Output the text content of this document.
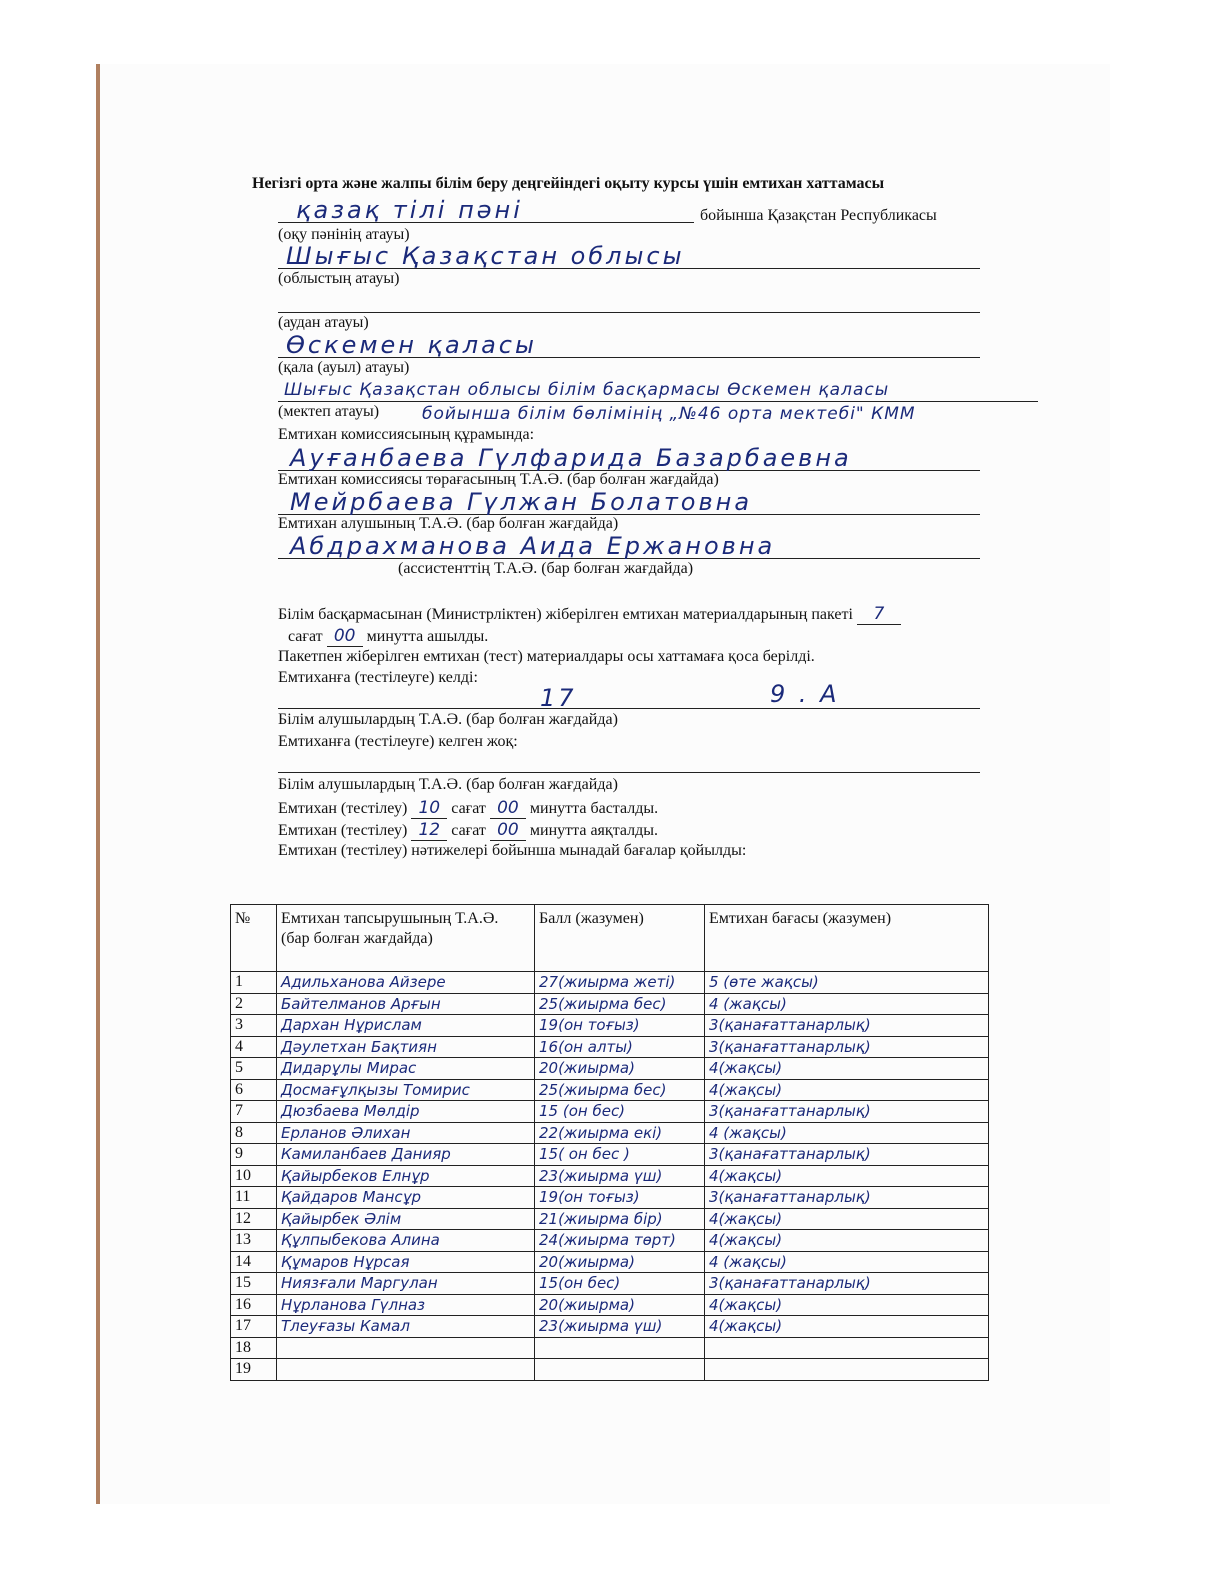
Негізгі орта және жалпы білім беру деңгейіндегі оқыту курсы үшін емтихан хаттамасы
қазақ тілі пәні	бойынша Қазақстан Республикасы
(оқу пәнінің атауы)
Шығыс Қазақстан облысы
(облыстың атауы)
(аудан атауы)
Өскемен қаласы
(қала (ауыл) атауы)
Шығыс Қазақстан облысы білім басқармасы Өскемен қаласы
(мектеп атауы)	бойынша білім бөлімінің „№46 орта мектебі" КММ
Емтихан комиссиясының құрамында:
Ауғанбаева Гүлфарида Базарбаевна
Емтихан комиссиясы төрағасының Т.А.Ә. (бар болған жағдайда)
Мейрбаева Гүлжан Болатовна
Емтихан алушының Т.А.Ә. (бар болған жағдайда)
Абдрахманова Аида Ержановна
(ассистенттің Т.А.Ә. (бар болған жағдайда)
Білім басқармасынан (Министрліктен) жіберілген емтихан материалдарының пакеті 7
сағат 00 минутта ашылды.
Пакетпен жіберілген емтихан (тест) материалдары осы хаттамаға қоса берілді.
Емтиханға (тестілеуге) келді:
17	9 . А
Білім алушылардың Т.А.Ә. (бар болған жағдайда)
Емтиханға (тестілеуге) келген жоқ:
Білім алушылардың Т.А.Ә. (бар болған жағдайда)
Емтихан (тестілеу) 10 сағат 00 минутта басталды.
Емтихан (тестілеу) 12 сағат 00 минутта аяқталды.
Емтихан (тестілеу) нәтижелері бойынша мынадай бағалар қойылды:
№	Емтихан тапсырушының Т.А.Ә. (бар болған жағдайда)	Балл (жазумен)	Емтихан бағасы (жазумен)
1	Адильханова Айзере	27(жиырма жеті)	5 (өте жақсы)
2	Байтелманов Арғын	25(жиырма бес)	4 (жақсы)
3	Дархан Нұрислам	19(он тоғыз)	3(қанағаттанарлық)
4	Дәулетхан Бақтиян	16(он алты)	3(қанағаттанарлық)
5	Дидарұлы Мирас	20(жиырма)	4(жақсы)
6	Досмағұлқызы Томирис	25(жиырма бес)	4(жақсы)
7	Дюзбаева Мөлдір	15 (он бес)	3(қанағаттанарлық)
8	Ерланов Әлихан	22(жиырма екі)	4 (жақсы)
9	Камиланбаев Данияр	15( он бес )	3(қанағаттанарлық)
10	Қайырбеков Елнұр	23(жиырма үш)	4(жақсы)
11	Қайдаров Мансұр	19(он тоғыз)	3(қанағаттанарлық)
12	Қайырбек Әлім	21(жиырма бір)	4(жақсы)
13	Құлпыбекова Алина	24(жиырма төрт)	4(жақсы)
14	Құмаров Нұрсая	20(жиырма)	4 (жақсы)
15	Ниязғали Маргулан	15(он бес)	3(қанағаттанарлық)
16	Нұрланова Гүлназ	20(жиырма)	4(жақсы)
17	Тлеуғазы Камал	23(жиырма үш)	4(жақсы)
18			
19			
